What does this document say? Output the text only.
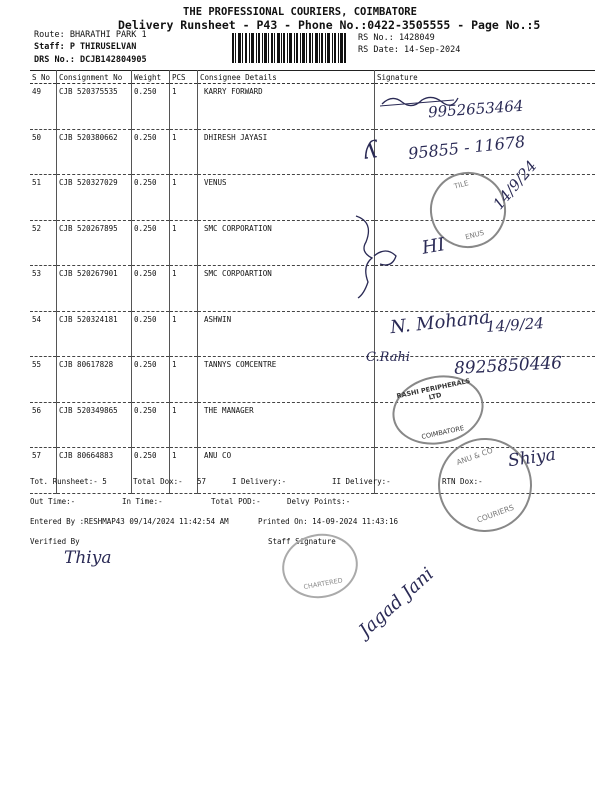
THE PROFESSIONAL COURIERS, COIMBATORE
Delivery Runsheet - P43 - Phone No.:0422-3505555 - Page No.:5
Route: BHARATHI PARK 1
Staff: P THIRUSELVAN
DRS No.: DCJB142804905
RS No.: 1428049
RS Date: 14-Sep-2024
S No	Consignment No	Weight	PCS	Consignee Details	Signature
49	CJB 520375535	0.250	1	KARRY FORWARD	
50	CJB 520380662	0.250	1	DHIRESH JAYASI	
51	CJB 520327029	0.250	1	VENUS	
52	CJB 520267895	0.250	1	SMC CORPORATION	
53	CJB 520267901	0.250	1	SMC CORPOARTION	
54	CJB 520324181	0.250	1	ASHWIN	
55	CJB 80617828	0.250	1	TANNYS COMCENTRE	
56	CJB 520349865	0.250	1	THE MANAGER	
57	CJB 80664883	0.250	1	ANU CO	
Tot. Runsheet:- 5	Total Dox:- 57	I Delivery:-	II Delivery:-	RTN Dox:-
Out Time:-	In Time:-	Total POD:-	Delvy Points:-
Entered By :RESHMAP43 09/14/2024 11:42:54 AM	Printed On: 14-09-2024 11:43:16
Verified By	Staff Signature
9952653464
ʎ 95855 - 11678
TILE
ENUS
14/9/24
HI
N. Mohana
14/9/24
C.Rahi	8925850446
RASHI PERIPHERALS LTD
COIMBATORE
ANU & CO
COURIERS
Shiya
Thiya
CHARTERED Jagad Jani
